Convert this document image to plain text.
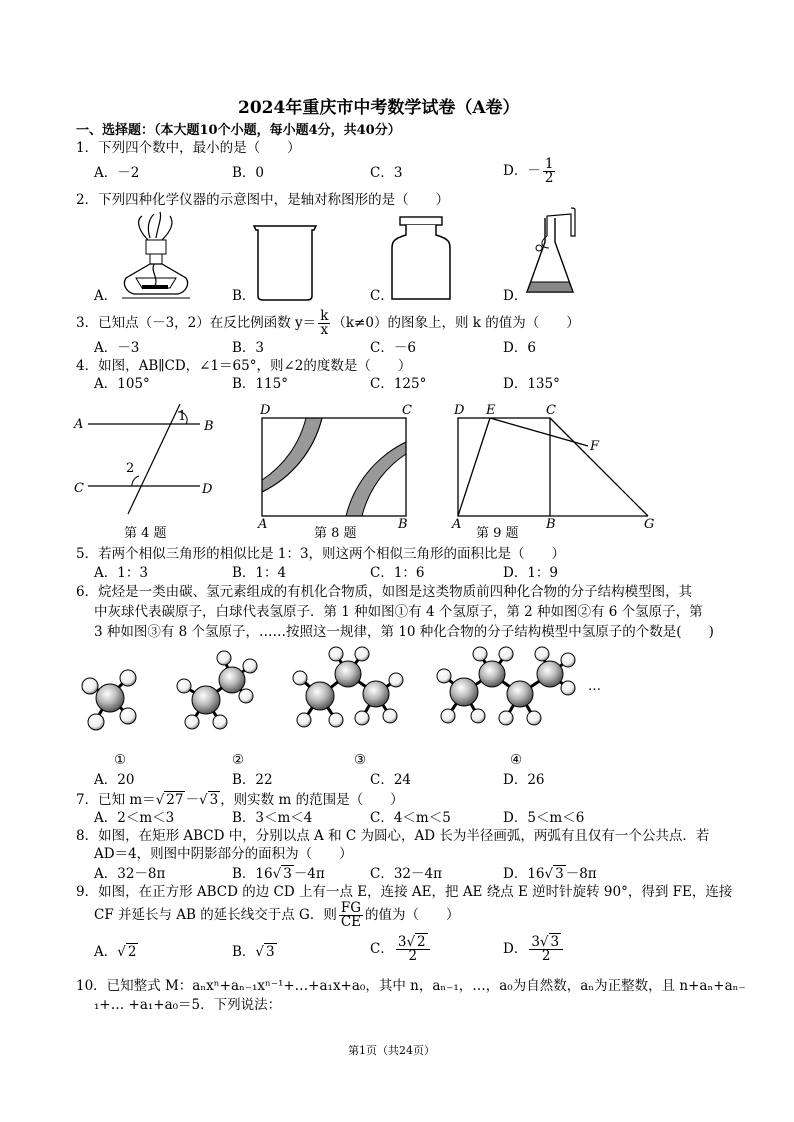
2024年重庆市中考数学试卷（A卷）
一、选择题：（本大题10个小题，每小题4分，共40分）
1．下列四个数中，最小的是（　　）
A．－2	B．0	C．3	D．－ $\frac{1}{2}$
2．下列四种化学仪器的示意图中，是轴对称图形的是（　　）
A．	B．	C．	D．
3．已知点（－3，2）在反比例函数 $y= \frac{k}{x} (k\ne 0)$的图象上，则 k 的值为（　　）
A．－3	B．3	C．－6	D．6
4．如图，AB∥CD，∠1＝65°，则∠2的度数是（　　）
A．105°	B．115°	C．125°	D．135°
A	B
C	D
1
2
第 4 题
D	C
A	B
第 8 题
D E	C
F
A	B	G
第 9 题
5．若两个相似三角形的相似比是 1：3，则这两个相似三角形的面积比是（　　）
A．1：3	B．1：4	C．1：6	D．1：9
6．烷烃是一类由碳、氢元素组成的有机化合物质，如图是这类物质前四种化合物的分子结构模型图，其
中灰球代表碳原子，白球代表氢原子．第 1 种如图①有 4 个氢原子，第 2 种如图②有 6 个氢原子，第
3 种如图③有 8 个氢原子，……按照这一规律，第 10 种化合物的分子结构模型中氢原子的个数是(　　)
…
①	②	③	④
A．20	B．22	C．24	D．26
7．已知 m＝√ 27 －√ 3 ，则实数 m 的范围是（　　）
A．2＜m＜3	B．3＜m＜4	C．4＜m＜5	D．5＜m＜6
8．如图，在矩形 ABCD 中，分别以点 A 和 C 为圆心，AD 长为半径画弧，两弧有且仅有一个公共点．若
AD＝4，则图中阴影部分的面积为（　　）
A．32－8π	B．16√ 3 －4π	C．32－4π	D．16√ 3 －8π
9．如图，在正方形 ABCD 的边 CD 上有一点 E，连接 AE，把 AE 绕点 E 逆时针旋转 90°，得到 FE，连接
CF 并延长与 AB 的延长线交于点 G．则 $\frac{FG}{CE}$ 的值为（　　）
A．√ 2	B．√ 3	C． $\frac{3√ 2}{2}$	D． $\frac{3√ 3}{2}$
10．已知整式 M：aₙxⁿ+aₙ₋₁xⁿ⁻¹+…+a₁x+a₀，其中 n，aₙ₋₁，…，a₀为自然数，aₙ为正整数，且 n+aₙ+aₙ₋
₁+… +a₁+a₀＝5．下列说法：
第1页（共24页）
